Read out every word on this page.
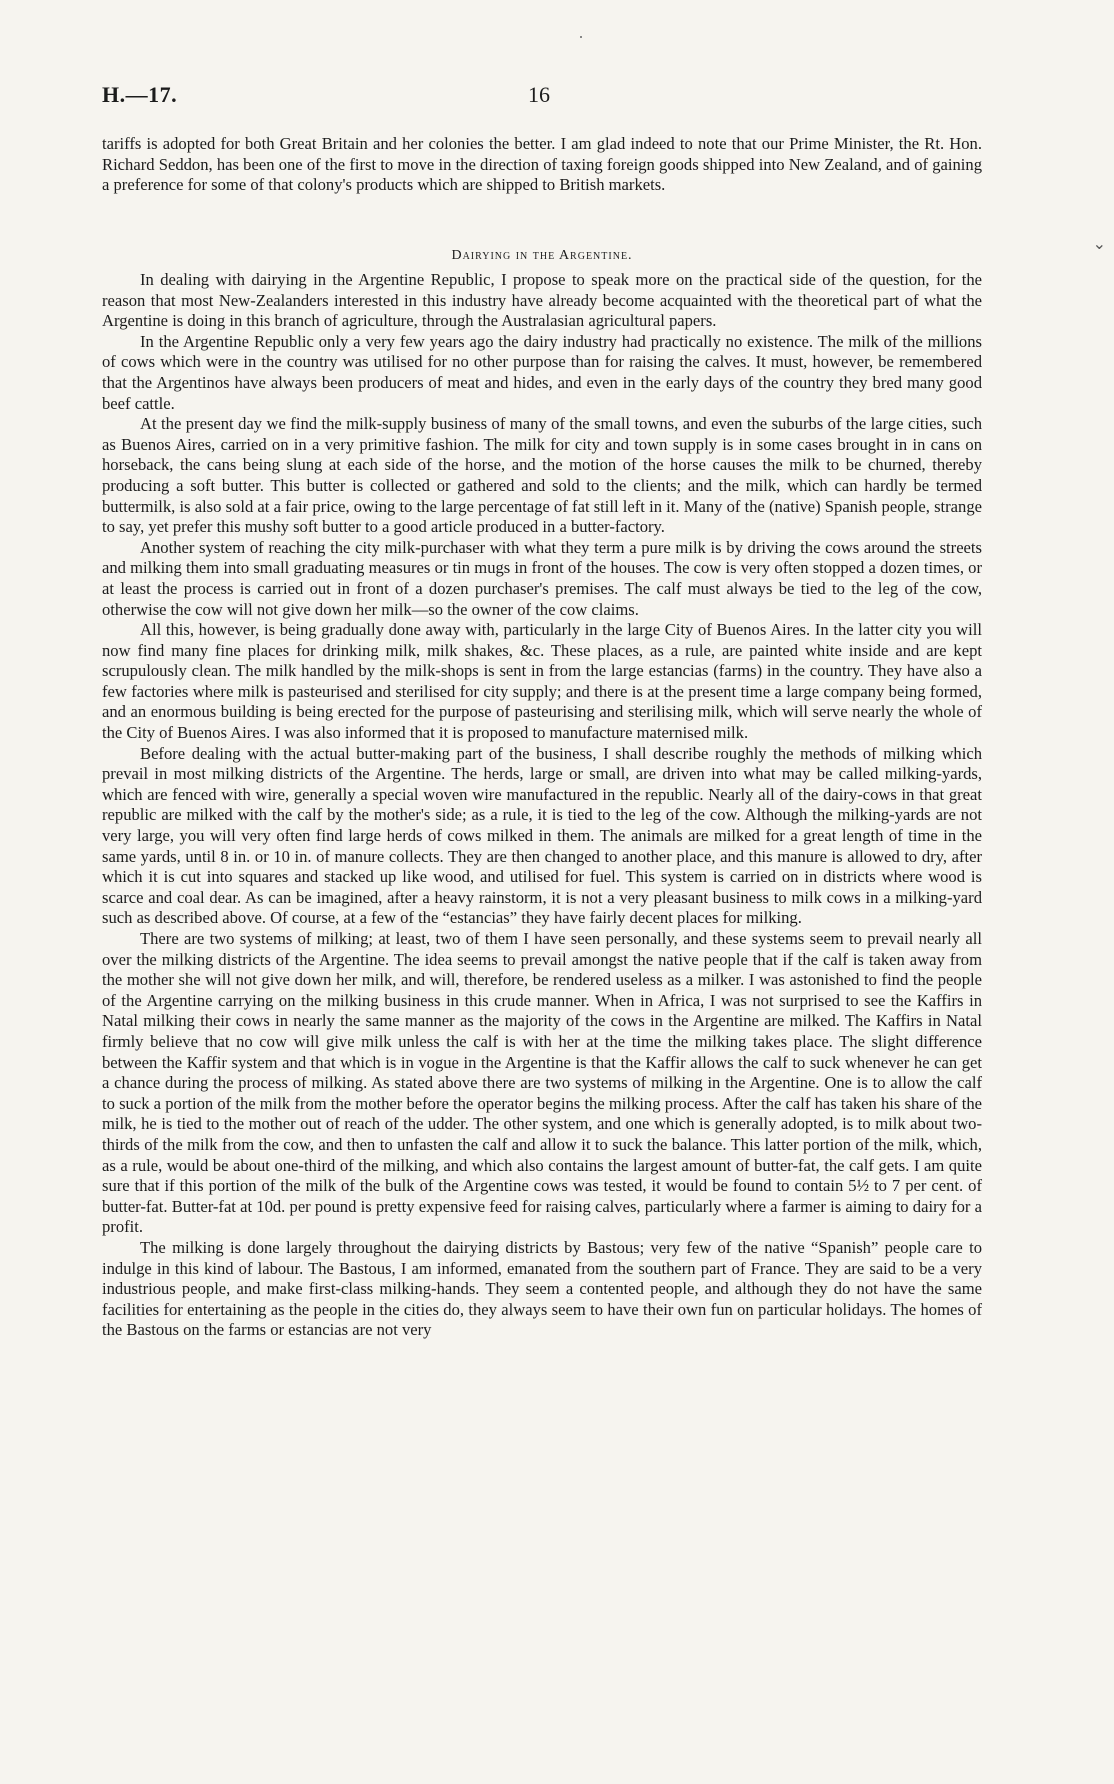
H.—17.	16

tariffs is adopted for both Great Britain and her colonies the better. I am glad indeed to note that our Prime Minister, the Rt. Hon. Richard Seddon, has been one of the first to move in the direction of taxing foreign goods shipped into New Zealand, and of gaining a preference for some of that colony's products which are shipped to British markets.

Dairying in the Argentine.
⌄

In dealing with dairying in the Argentine Republic, I propose to speak more on the practical side of the question, for the reason that most New-Zealanders interested in this industry have already become acquainted with the theoretical part of what the Argentine is doing in this branch of agriculture, through the Australasian agricultural papers.

In the Argentine Republic only a very few years ago the dairy industry had practically no existence. The milk of the millions of cows which were in the country was utilised for no other purpose than for raising the calves. It must, however, be remembered that the Argentinos have always been producers of meat and hides, and even in the early days of the country they bred many good beef cattle.

At the present day we find the milk-supply business of many of the small towns, and even the suburbs of the large cities, such as Buenos Aires, carried on in a very primitive fashion. The milk for city and town supply is in some cases brought in in cans on horseback, the cans being slung at each side of the horse, and the motion of the horse causes the milk to be churned, thereby producing a soft butter. This butter is collected or gathered and sold to the clients; and the milk, which can hardly be termed buttermilk, is also sold at a fair price, owing to the large percentage of fat still left in it. Many of the (native) Spanish people, strange to say, yet prefer this mushy soft butter to a good article produced in a butter-factory.

Another system of reaching the city milk-purchaser with what they term a pure milk is by driving the cows around the streets and milking them into small graduating measures or tin mugs in front of the houses. The cow is very often stopped a dozen times, or at least the process is carried out in front of a dozen purchaser's premises. The calf must always be tied to the leg of the cow, otherwise the cow will not give down her milk—so the owner of the cow claims.

All this, however, is being gradually done away with, particularly in the large City of Buenos Aires. In the latter city you will now find many fine places for drinking milk, milk shakes, &c. These places, as a rule, are painted white inside and are kept scrupulously clean. The milk handled by the milk-shops is sent in from the large estancias (farms) in the country. They have also a few factories where milk is pasteurised and sterilised for city supply; and there is at the present time a large company being formed, and an enormous building is being erected for the purpose of pasteurising and sterilising milk, which will serve nearly the whole of the City of Buenos Aires. I was also informed that it is proposed to manufacture maternised milk.

Before dealing with the actual butter-making part of the business, I shall describe roughly the methods of milking which prevail in most milking districts of the Argentine. The herds, large or small, are driven into what may be called milking-yards, which are fenced with wire, generally a special woven wire manufactured in the republic. Nearly all of the dairy-cows in that great republic are milked with the calf by the mother's side; as a rule, it is tied to the leg of the cow. Although the milking-yards are not very large, you will very often find large herds of cows milked in them. The animals are milked for a great length of time in the same yards, until 8 in. or 10 in. of manure collects. They are then changed to another place, and this manure is allowed to dry, after which it is cut into squares and stacked up like wood, and utilised for fuel. This system is carried on in districts where wood is scarce and coal dear. As can be imagined, after a heavy rainstorm, it is not a very pleasant business to milk cows in a milking-yard such as described above. Of course, at a few of the “estancias” they have fairly decent places for milking.

There are two systems of milking; at least, two of them I have seen personally, and these systems seem to prevail nearly all over the milking districts of the Argentine. The idea seems to prevail amongst the native people that if the calf is taken away from the mother she will not give down her milk, and will, therefore, be rendered useless as a milker. I was astonished to find the people of the Argentine carrying on the milking business in this crude manner. When in Africa, I was not surprised to see the Kaffirs in Natal milking their cows in nearly the same manner as the majority of the cows in the Argentine are milked. The Kaffirs in Natal firmly believe that no cow will give milk unless the calf is with her at the time the milking takes place. The slight difference between the Kaffir system and that which is in vogue in the Argentine is that the Kaffir allows the calf to suck whenever he can get a chance during the process of milking. As stated above there are two systems of milking in the Argentine. One is to allow the calf to suck a portion of the milk from the mother before the operator begins the milking process. After the calf has taken his share of the milk, he is tied to the mother out of reach of the udder. The other system, and one which is generally adopted, is to milk about two-thirds of the milk from the cow, and then to unfasten the calf and allow it to suck the balance. This latter portion of the milk, which, as a rule, would be about one-third of the milking, and which also contains the largest amount of butter-fat, the calf gets. I am quite sure that if this portion of the milk of the bulk of the Argentine cows was tested, it would be found to contain 5½ to 7 per cent. of butter-fat. Butter-fat at 10d. per pound is pretty expensive feed for raising calves, particularly where a farmer is aiming to dairy for a profit.

The milking is done largely throughout the dairying districts by Bastous; very few of the native “Spanish” people care to indulge in this kind of labour. The Bastous, I am informed, emanated from the southern part of France. They are said to be a very industrious people, and make first-class milking-hands. They seem a contented people, and although they do not have the same facilities for entertaining as the people in the cities do, they always seem to have their own fun on particular holidays. The homes of the Bastous on the farms or estancias are not very
